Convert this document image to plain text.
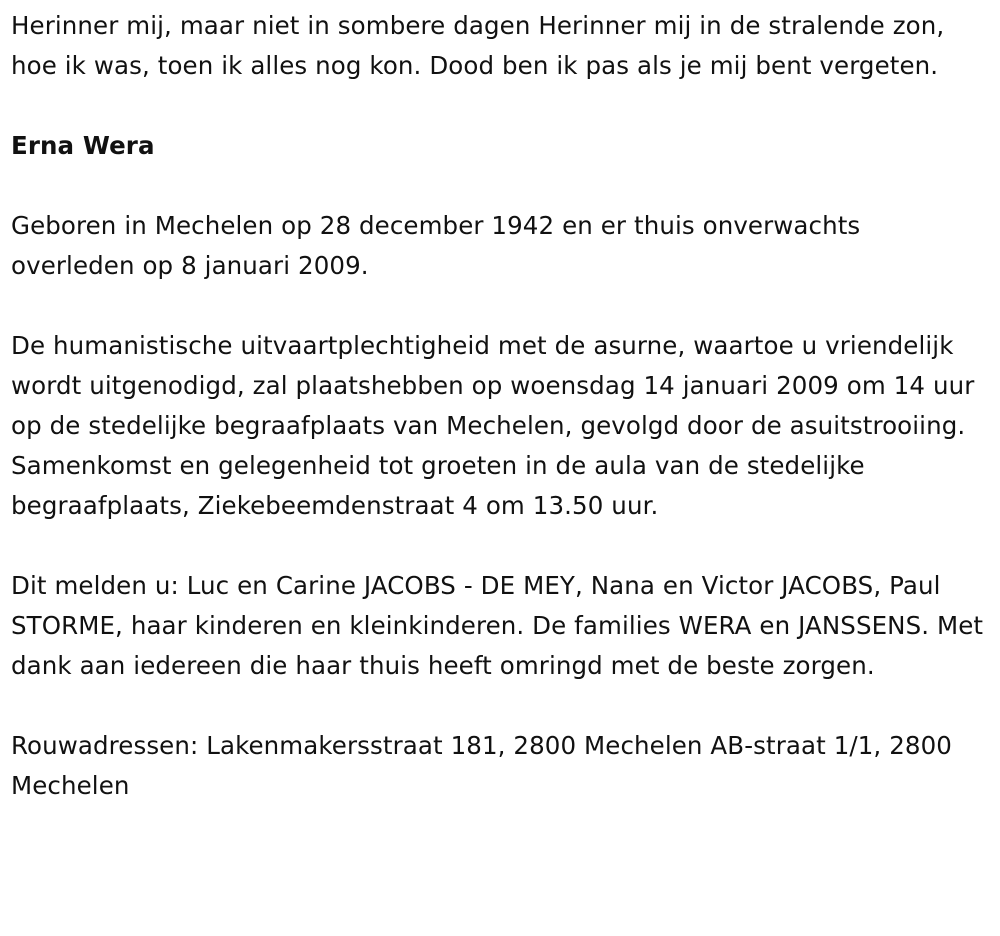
Herinner mij, maar niet in sombere dagen Herinner mij in de stralende zon, hoe ik was, toen ik alles nog kon. Dood ben ik pas als je mij bent vergeten.

Erna Wera

Geboren in Mechelen op 28 december 1942 en er thuis onverwachts overleden op 8 januari 2009.

De humanistische uitvaartplechtigheid met de asurne, waartoe u vriendelijk wordt uitgenodigd, zal plaatshebben op woensdag 14 januari 2009 om 14 uur op de stedelijke begraafplaats van Mechelen, gevolgd door de asuitstrooiing. Samenkomst en gelegenheid tot groeten in de aula van de stedelijke begraafplaats, Ziekebeemdenstraat 4 om 13.50 uur.

Dit melden u: Luc en Carine JACOBS - DE MEY, Nana en Victor JACOBS, Paul STORME, haar kinderen en kleinkinderen. De families WERA en JANSSENS. Met dank aan iedereen die haar thuis heeft omringd met de beste zorgen.

Rouwadressen: Lakenmakersstraat 181, 2800 Mechelen AB-straat 1/1, 2800 Mechelen
